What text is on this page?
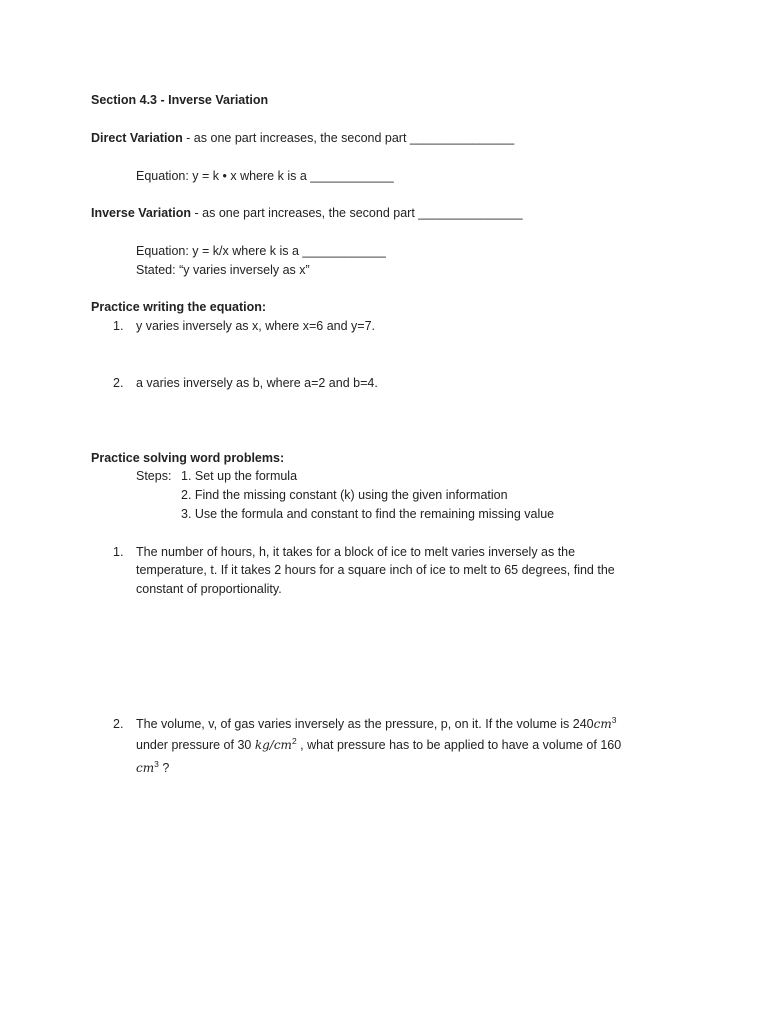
Section 4.3 - Inverse Variation
Direct Variation - as one part increases, the second part _______________
Equation: y = k • x where k is a ____________
Inverse Variation - as one part increases, the second part _______________
Equation: y = k/x where k is a ____________
Stated: “y varies inversely as x”
Practice writing the equation:
1. y varies inversely as x, where x=6 and y=7.
2. a varies inversely as b, where a=2 and b=4.
Practice solving word problems:
Steps: 1. Set up the formula
2. Find the missing constant (k) using the given information
3. Use the formula and constant to find the remaining missing value
1. The number of hours, h, it takes for a block of ice to melt varies inversely as the
temperature, t. If it takes 2 hours for a square inch of ice to melt to 65 degrees, find the
constant of proportionality.
2. The volume, v, of gas varies inversely as the pressure, p, on it. If the volume is $240cm^3$
under pressure of 30 $kg/cm^2$ , what pressure has to be applied to have a volume of 160
$cm^3$ ?
